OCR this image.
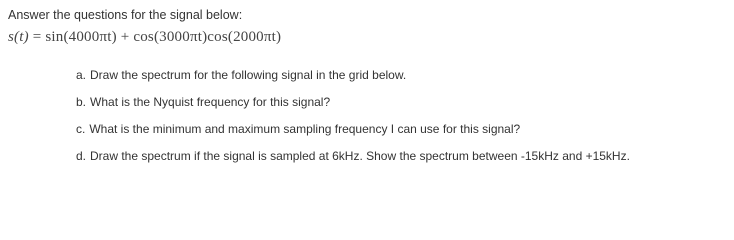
Answer the questions for the signal below:
s(t) = sin(4000πt) + cos(3000πt)cos(2000πt)
a. Draw the spectrum for the following signal in the grid below.
b. What is the Nyquist frequency for this signal?
c. What is the minimum and maximum sampling frequency I can use for this signal?
d. Draw the spectrum if the signal is sampled at 6kHz. Show the spectrum between -15kHz and +15kHz.
